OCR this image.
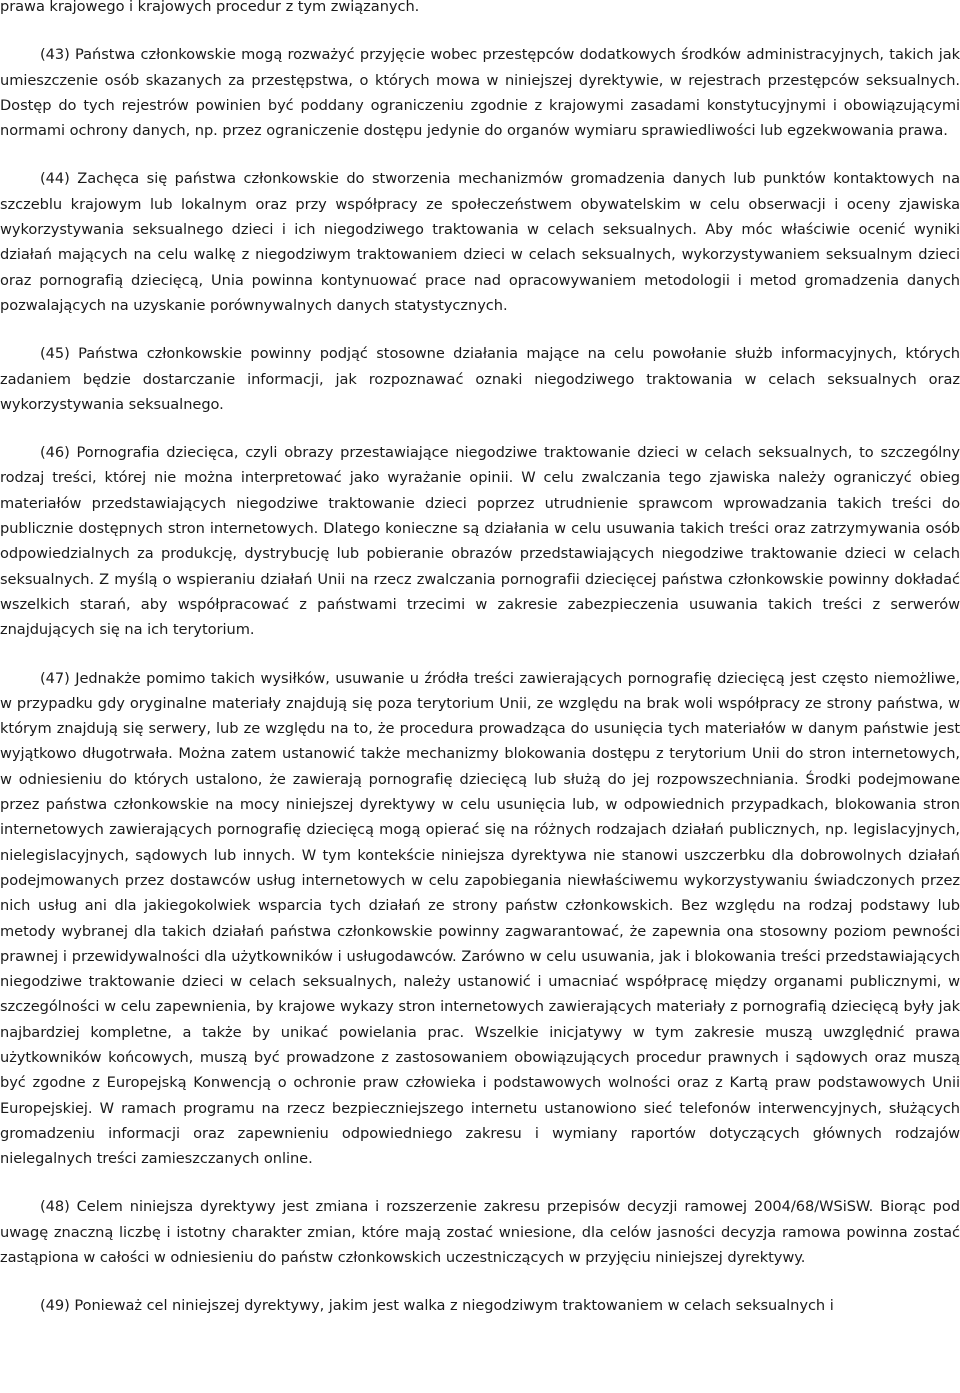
prawa krajowego i krajowych procedur z tym związanych.

(43) Państwa członkowskie mogą rozważyć przyjęcie wobec przestępców dodatkowych środków administracyjnych, takich jak umieszczenie osób skazanych za przestępstwa, o których mowa w niniejszej dyrektywie, w rejestrach przestępców seksualnych. Dostęp do tych rejestrów powinien być poddany ograniczeniu zgodnie z krajowymi zasadami konstytucyjnymi i obowiązującymi normami ochrony danych, np. przez ograniczenie dostępu jedynie do organów wymiaru sprawiedliwości lub egzekwowania prawa.

(44) Zachęca się państwa członkowskie do stworzenia mechanizmów gromadzenia danych lub punktów kontaktowych na szczeblu krajowym lub lokalnym oraz przy współpracy ze społeczeństwem obywatelskim w celu obserwacji i oceny zjawiska wykorzystywania seksualnego dzieci i ich niegodziwego traktowania w celach seksualnych. Aby móc właściwie ocenić wyniki działań mających na celu walkę z niegodziwym traktowaniem dzieci w celach seksualnych, wykorzystywaniem seksualnym dzieci oraz pornografią dziecięcą, Unia powinna kontynuować prace nad opracowywaniem metodologii i metod gromadzenia danych pozwalających na uzyskanie porównywalnych danych statystycznych.

(45) Państwa członkowskie powinny podjąć stosowne działania mające na celu powołanie służb informacyjnych, których zadaniem będzie dostarczanie informacji, jak rozpoznawać oznaki niegodziwego traktowania w celach seksualnych oraz wykorzystywania seksualnego.

(46) Pornografia dziecięca, czyli obrazy przestawiające niegodziwe traktowanie dzieci w celach seksualnych, to szczególny rodzaj treści, której nie można interpretować jako wyrażanie opinii. W celu zwalczania tego zjawiska należy ograniczyć obieg materiałów przedstawiających niegodziwe traktowanie dzieci poprzez utrudnienie sprawcom wprowadzania takich treści do publicznie dostępnych stron internetowych. Dlatego konieczne są działania w celu usuwania takich treści oraz zatrzymywania osób odpowiedzialnych za produkcję, dystrybucję lub pobieranie obrazów przedstawiających niegodziwe traktowanie dzieci w celach seksualnych. Z myślą o wspieraniu działań Unii na rzecz zwalczania pornografii dziecięcej państwa członkowskie powinny dokładać wszelkich starań, aby współpracować z państwami trzecimi w zakresie zabezpieczenia usuwania takich treści z serwerów znajdujących się na ich terytorium.

(47) Jednakże pomimo takich wysiłków, usuwanie u źródła treści zawierających pornografię dziecięcą jest często niemożliwe, w przypadku gdy oryginalne materiały znajdują się poza terytorium Unii, ze względu na brak woli współpracy ze strony państwa, w którym znajdują się serwery, lub ze względu na to, że procedura prowadząca do usunięcia tych materiałów w danym państwie jest wyjątkowo długotrwała. Można zatem ustanowić także mechanizmy blokowania dostępu z terytorium Unii do stron internetowych, w odniesieniu do których ustalono, że zawierają pornografię dziecięcą lub służą do jej rozpowszechniania. Środki podejmowane przez państwa członkowskie na mocy niniejszej dyrektywy w celu usunięcia lub, w odpowiednich przypadkach, blokowania stron internetowych zawierających pornografię dziecięcą mogą opierać się na różnych rodzajach działań publicznych, np. legislacyjnych, nielegislacyjnych, sądowych lub innych. W tym kontekście niniejsza dyrektywa nie stanowi uszczerbku dla dobrowolnych działań podejmowanych przez dostawców usług internetowych w celu zapobiegania niewłaściwemu wykorzystywaniu świadczonych przez nich usług ani dla jakiegokolwiek wsparcia tych działań ze strony państw członkowskich. Bez względu na rodzaj podstawy lub metody wybranej dla takich działań państwa członkowskie powinny zagwarantować, że zapewnia ona stosowny poziom pewności prawnej i przewidywalności dla użytkowników i usługodawców. Zarówno w celu usuwania, jak i blokowania treści przedstawiających niegodziwe traktowanie dzieci w celach seksualnych, należy ustanowić i umacniać współpracę między organami publicznymi, w szczególności w celu zapewnienia, by krajowe wykazy stron internetowych zawierających materiały z pornografią dziecięcą były jak najbardziej kompletne, a także by unikać powielania prac. Wszelkie inicjatywy w tym zakresie muszą uwzględnić prawa użytkowników końcowych, muszą być prowadzone z zastosowaniem obowiązujących procedur prawnych i sądowych oraz muszą być zgodne z Europejską Konwencją o ochronie praw człowieka i podstawowych wolności oraz z Kartą praw podstawowych Unii Europejskiej. W ramach programu na rzecz bezpieczniejszego internetu ustanowiono sieć telefonów interwencyjnych, służących gromadzeniu informacji oraz zapewnieniu odpowiedniego zakresu i wymiany raportów dotyczących głównych rodzajów nielegalnych treści zamieszczanych online.

(48) Celem niniejsza dyrektywy jest zmiana i rozszerzenie zakresu przepisów decyzji ramowej 2004/68/WSiSW. Biorąc pod uwagę znaczną liczbę i istotny charakter zmian, które mają zostać wniesione, dla celów jasności decyzja ramowa powinna zostać zastąpiona w całości w odniesieniu do państw członkowskich uczestniczących w przyjęciu niniejszej dyrektywy.

(49) Ponieważ cel niniejszej dyrektywy, jakim jest walka z niegodziwym traktowaniem w celach seksualnych i
